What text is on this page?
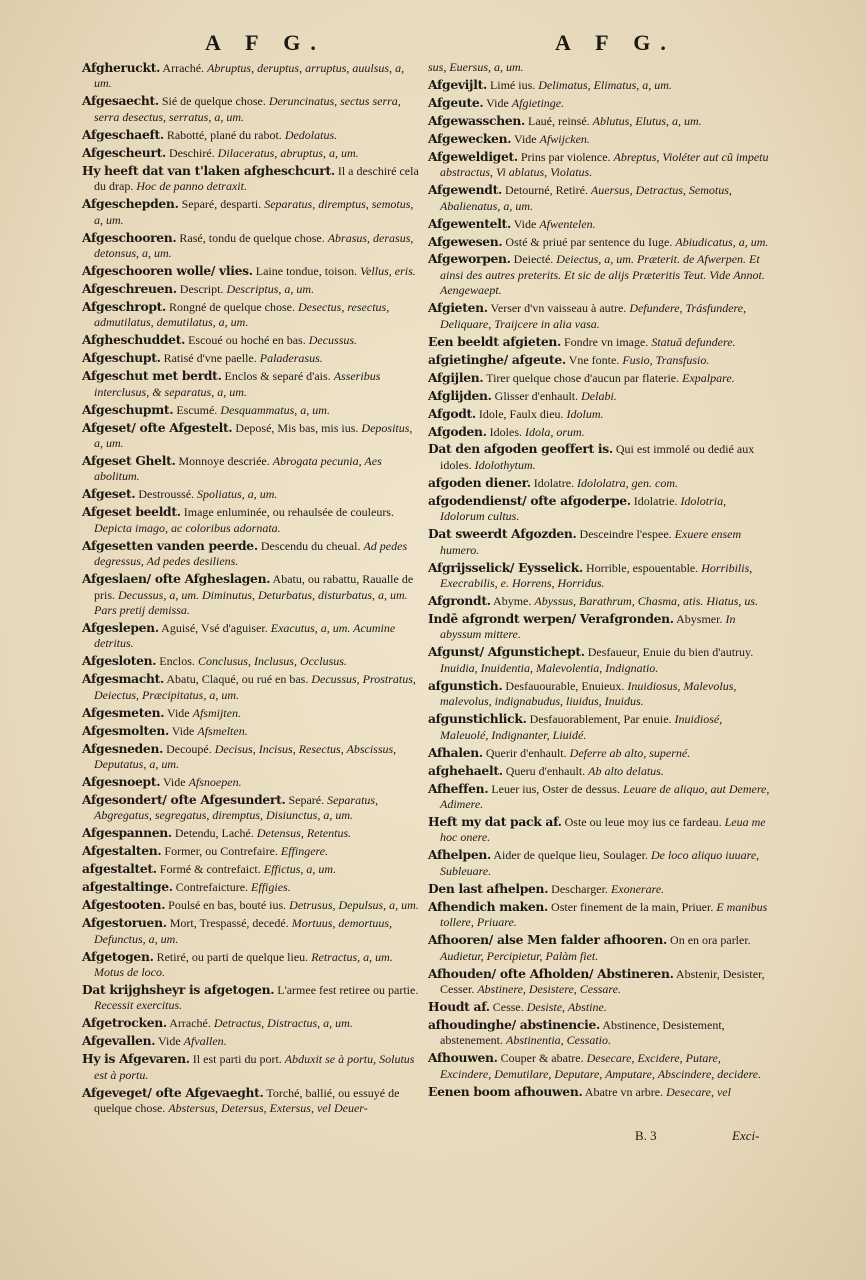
A F G.	A F G.

Afgheruckt. Arraché. Abruptus, deruptus, arruptus, auulsus, a, um.

Afgesaecht. Sié de quelque chose. Deruncinatus, sectus serra, serra desectus, serratus, a, um.

Afgeschaeft. Rabotté, plané du rabot. Dedolatus.

Afgescheurt. Deschiré. Dilaceratus, abruptus, a, um.

Hy heeft dat van t'laken afgheschcurt. Il a deschiré cela du drap. Hoc de panno detraxit.

Afgeschepden. Separé, desparti. Separatus, diremptus, semotus, a, um.

Afgeschooren. Rasé, tondu de quelque chose. Abrasus, derasus, detonsus, a, um.

Afgeschooren wolle/ vlies. Laine tondue, toison. Vellus, eris.

Afgeschreuen. Descript. Descriptus, a, um.

Afgeschropt. Rongné de quelque chose. Desectus, resectus, admutilatus, demutilatus, a, um.

Afgheschuddet. Escoué ou hoché en bas. Decussus.

Afgeschupt. Ratisé d'vne paelle. Paladerasus.

Afgeschut met berdt. Enclos & separé d'ais. Asseribus interclusus, & separatus, a, um.

Afgeschupmt. Escumé. Desquammatus, a, um.

Afgeset/ ofte Afgestelt. Deposé, Mis bas, mis ius. Depositus, a, um.

Afgeset Ghelt. Monnoye descriée. Abrogata pecunia, Aes abolitum.

Afgeset. Destroussé. Spoliatus, a, um.

Afgeset beeldt. Image enluminée, ou rehaulsée de couleurs. Depicta imago, ac coloribus adornata.

Afgesetten vanden peerde. Descendu du cheual. Ad pedes degressus, Ad pedes desiliens.

Afgeslaen/ ofte Afgheslagen. Abatu, ou rabattu, Raualle de pris. Decussus, a, um. Diminutus, Deturbatus, disturbatus, a, um. Pars pretij demissa.

Afgeslepen. Aguisé, Vsé d'aguiser. Exacutus, a, um. Acumine detritus.

Afgesloten. Enclos. Conclusus, Inclusus, Occlusus.

Afgesmacht. Abatu, Claqué, ou rué en bas. Decussus, Prostratus, Deiectus, Præcipitatus, a, um.

Afgesmeten. Vide Afsmijten.

Afgesmolten. Vide Afsmelten.

Afgesneden. Decoupé. Decisus, Incisus, Resectus, Abscissus, Deputatus, a, um.

Afgesnoept. Vide Afsnoepen.

Afgesondert/ ofte Afgesundert. Separé. Separatus, Abgregatus, segregatus, diremptus, Disiunctus, a, um.

Afgespannen. Detendu, Laché. Detensus, Retentus.

Afgestalten. Former, ou Contrefaire. Effingere.

afgestaltet. Formé & contrefaict. Effictus, a, um.

afgestaltinge. Contrefaicture. Effigies.

Afgestooten. Poulsé en bas, bouté ius. Detrusus, Depulsus, a, um.

Afgestoruen. Mort, Trespassé, decedé. Mortuus, demortuus, Defunctus, a, um.

Afgetogen. Retiré, ou parti de quelque lieu. Retractus, a, um. Motus de loco.

Dat krijghsheyr is afgetogen. L'armee fest retiree ou partie. Recessit exercitus.

Afgetrocken. Arraché. Detractus, Distractus, a, um.

Afgevallen. Vide Afvallen.

Hy is Afgevaren. Il est parti du port. Abduxit se à portu, Solutus est à portu.

Afgeveget/ ofte Afgevaeght. Torché, ballié, ou essuyé de quelque chose. Abstersus, Detersus, Extersus, vel Deuer-

sus, Euersus, a, um.

Afgevijlt. Limé ius. Delimatus, Elimatus, a, um.

Afgeute. Vide Afgietinge.

Afgewasschen. Laué, reinsé. Ablutus, Elutus, a, um.

Afgewecken. Vide Afwijcken.

Afgeweldiget. Prins par violence. Abreptus, Violéter aut cũ impetu abstractus, Vi ablatus, Violatus.

Afgewendt. Detourné, Retiré. Auersus, Detractus, Semotus, Abalienatus, a, um.

Afgewentelt. Vide Afwentelen.

Afgewesen. Osté & priué par sentence du Iuge. Abiudicatus, a, um.

Afgeworpen. Deiecté. Deiectus, a, um. Præterit. de Afwerpen. Et ainsi des autres preterits. Et sic de alijs Præteritis Teut. Vide Annot. Aengewaept.

Afgieten. Verser d'vn vaisseau à autre. Defundere, Trásfundere, Deliquare, Traijcere in alia vasa.

Een beeldt afgieten. Fondre vn image. Statuā defundere.

afgietinghe/ afgeute. Vne fonte. Fusio, Transfusio.

Afgijlen. Tirer quelque chose d'aucun par flaterie. Expalpare.

Afglijden. Glisser d'enhault. Delabi.

Afgodt. Idole, Faulx dieu. Idolum.

Afgoden. Idoles. Idola, orum.

Dat den afgoden geoffert is. Qui est immolé ou dedié aux idoles. Idolothytum.

afgoden diener. Idolatre. Idololatra, gen. com.

afgodendienst/ ofte afgoderpe. Idolatrie. Idolotria, Idolorum cultus.

Dat sweerdt Afgozden. Desceindre l'espee. Exuere ensem humero.

Afgrijsselick/ Eysselick. Horrible, espouentable. Horribilis, Execrabilis, e. Horrens, Horridus.

Afgrondt. Abyme. Abyssus, Barathrum, Chasma, atis. Hiatus, us.

Indē afgrondt werpen/ Verafgronden. Abysmer. In abyssum mittere.

Afgunst/ Afgunstichept. Desfaueur, Enuie du bien d'autruy. Inuidia, Inuidentia, Malevolentia, Indignatio.

afgunstich. Desfauourable, Enuieux. Inuidiosus, Malevolus, malevolus, indignabudus, liuidus, Inuidus.

afgunstichlick. Desfauorablement, Par enuie. Inuidiosé, Maleuolé, Indignanter, Liuidé.

Afhalen. Querir d'enhault. Deferre ab alto, superné.

afghehaelt. Queru d'enhault. Ab alto delatus.

Afheffen. Leuer ius, Oster de dessus. Leuare de aliquo, aut Demere, Adimere.

Heft my dat pack af. Oste ou leue moy ius ce fardeau. Leua me hoc onere.

Afhelpen. Aider de quelque lieu, Soulager. De loco aliquo iuuare, Subleuare.

Den last afhelpen. Descharger. Exonerare.

Afhendich maken. Oster finement de la main, Priuer. E manibus tollere, Priuare.

Afhooren/ alse Men falder afhooren. On en ora parler. Audietur, Percipietur, Palàm fiet.

Afhouden/ ofte Afholden/ Abstineren. Abstenir, Desister, Cesser. Abstinere, Desistere, Cessare.

Houdt af. Cesse. Desiste, Abstine.

afhoudinghe/ abstinencie. Abstinence, Desistement, abstenement. Abstinentia, Cessatio.

Afhouwen. Couper & abatre. Desecare, Excidere, Putare, Excindere, Demutilare, Deputare, Amputare, Abscindere, decidere.

Eenen boom afhouwen. Abatre vn arbre. Desecare, vel

B. 3	Exci-
